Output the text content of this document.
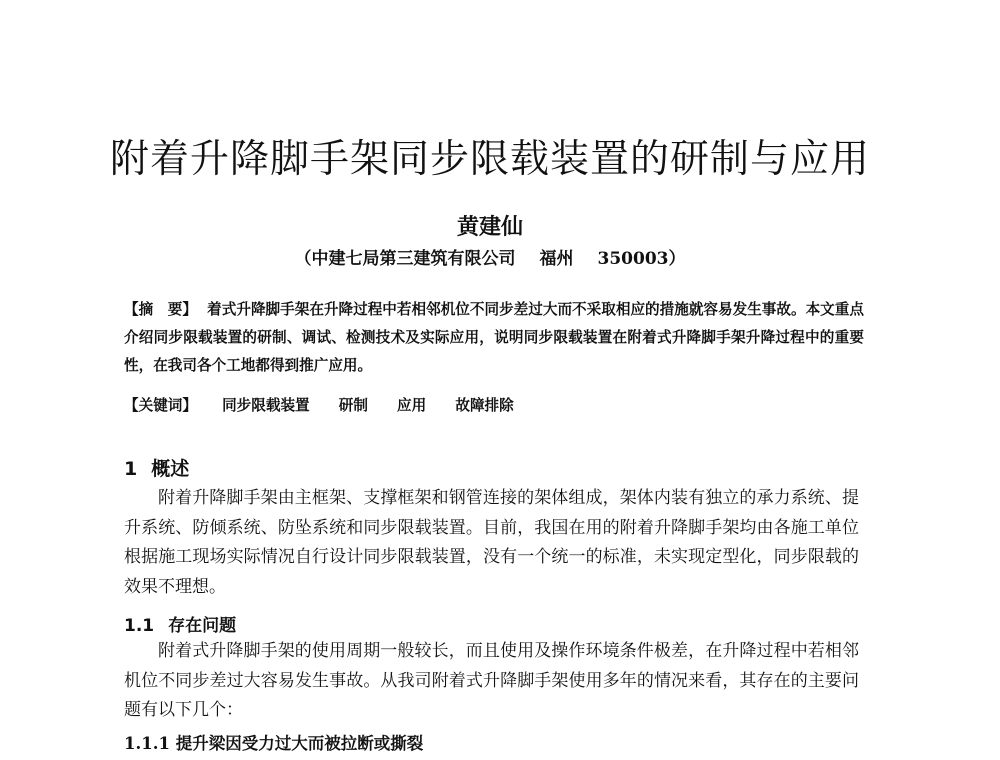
附着升降脚手架同步限载装置的研制与应用
黄建仙
（中建七局第三建筑有限公司 福州 350003）
【摘　要】 着式升降脚手架在升降过程中若相邻机位不同步差过大而不采取相应的措施就容易发生事故。本文重点介绍同步限载装置的研制、调试、检测技术及实际应用，说明同步限载装置在附着式升降脚手架升降过程中的重要性，在我司各个工地都得到推广应用。
【关键词】 同步限载装置 研制 应用 故障排除
1 概述

附着升降脚手架由主框架、支撑框架和钢管连接的架体组成，架体内装有独立的承力系统、提升系统、防倾系统、防坠系统和同步限载装置。目前，我国在用的附着升降脚手架均由各施工单位根据施工现场实际情况自行设计同步限载装置，没有一个统一的标准，未实现定型化，同步限载的效果不理想。

1.1 存在问题

附着式升降脚手架的使用周期一般较长，而且使用及操作环境条件极差，在升降过程中若相邻机位不同步差过大容易发生事故。从我司附着式升降脚手架使用多年的情况来看，其存在的主要问题有以下几个：

1.1.1 提升梁因受力过大而被拉断或撕裂
